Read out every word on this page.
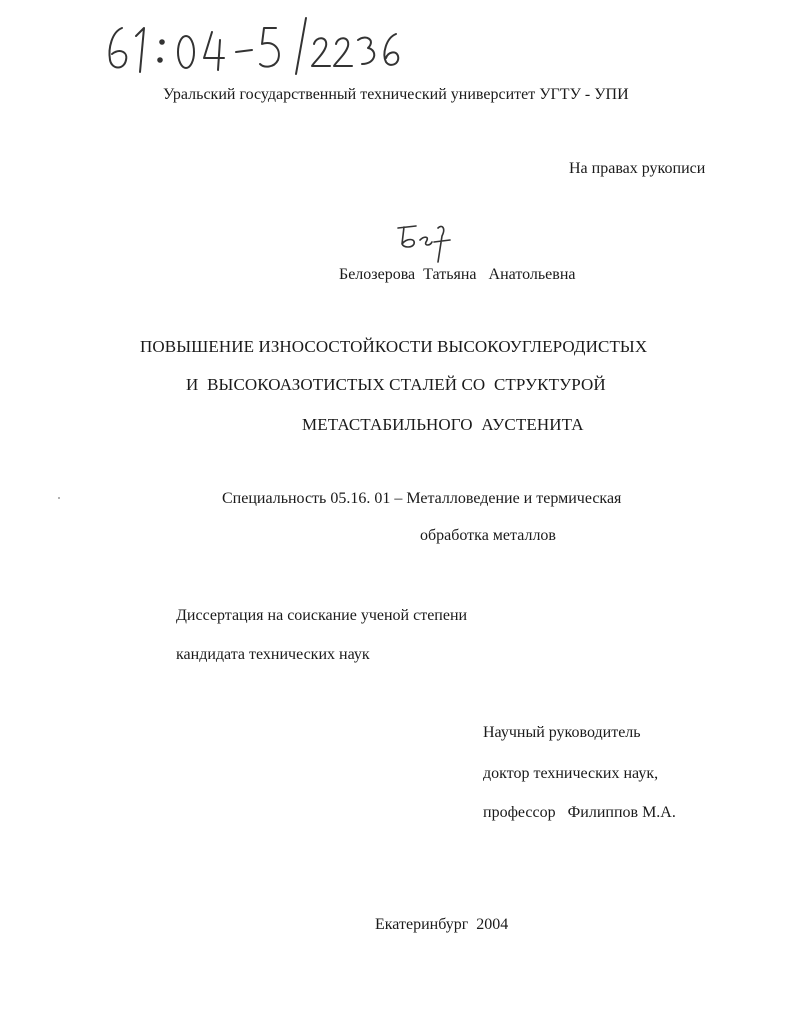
61: 04-5/2236
Уральский государственный технический университет УГТУ - УПИ
На правах рукописи
Бел
Белозерова  Татьяна   Анатольевна
ПОВЫШЕНИЕ ИЗНОСОСТОЙКОСТИ ВЫСОКОУГЛЕРОДИСТЫХ
И  ВЫСОКОАЗОТИСТЫХ СТАЛЕЙ СО  СТРУКТУРОЙ
МЕТАСТАБИЛЬНОГО  АУСТЕНИТА
Специальность 05.16. 01 – Металловедение и термическая
обработка металлов
Диссертация на соискание ученой степени
кандидата технических наук
Научный руководитель
доктор технических наук,
профессор   Филиппов М.А.
Екатеринбург  2004
